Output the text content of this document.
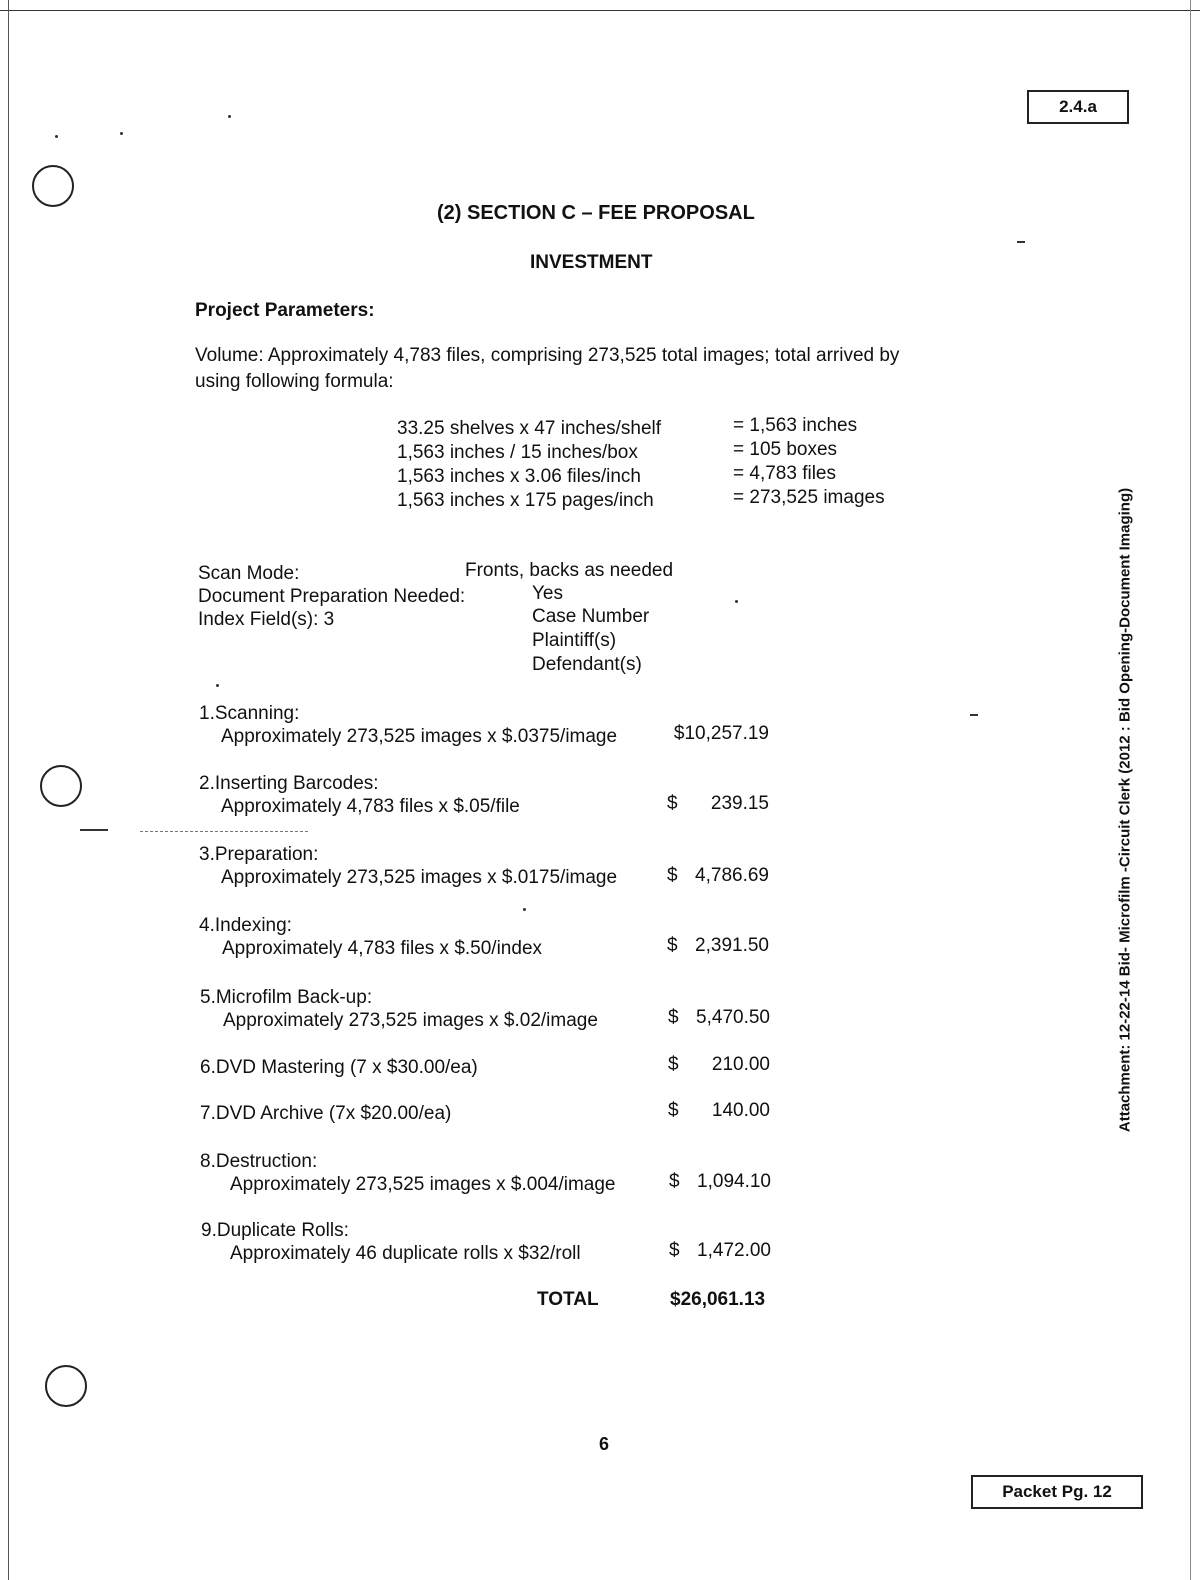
2.4.a
Packet Pg. 12
(2) SECTION C – FEE PROPOSAL
INVESTMENT
Project Parameters:
Volume: Approximately 4,783 files, comprising 273,525 total images; total arrived by
using following formula:
33.25 shelves x 47 inches/shelf	= 1,563 inches
1,563 inches / 15 inches/box	= 105 boxes
1,563 inches x 3.06 files/inch	= 4,783 files
1,563 inches x 175 pages/inch	= 273,525 images
Scan Mode:	Fronts, backs as needed
Document Preparation Needed:	Yes
Index Field(s): 3	Case Number
Plaintiff(s)
Defendant(s)
1.Scanning:
Approximately 273,525 images x $.0375/image	$10,257.19
2.Inserting Barcodes:
Approximately 4,783 files x $.05/file	$ 239.15
3.Preparation:
Approximately 273,525 images x $.0175/image	$ 4,786.69
4.Indexing:
Approximately 4,783 files x $.50/index	$ 2,391.50
5.Microfilm Back-up:
Approximately 273,525 images x $.02/image	$ 5,470.50
6.DVD Mastering (7 x $30.00/ea)	$ 210.00
7.DVD Archive (7x $20.00/ea)	$ 140.00
8.Destruction:
Approximately 273,525 images x $.004/image	$ 1,094.10
9.Duplicate Rolls:
Approximately 46 duplicate rolls x $32/roll	$ 1,472.00
TOTAL	$26,061.13
6
Attachment: 12-22-14 Bid- Microfilm -Circuit Clerk (2012 : Bid Opening-Document Imaging)
